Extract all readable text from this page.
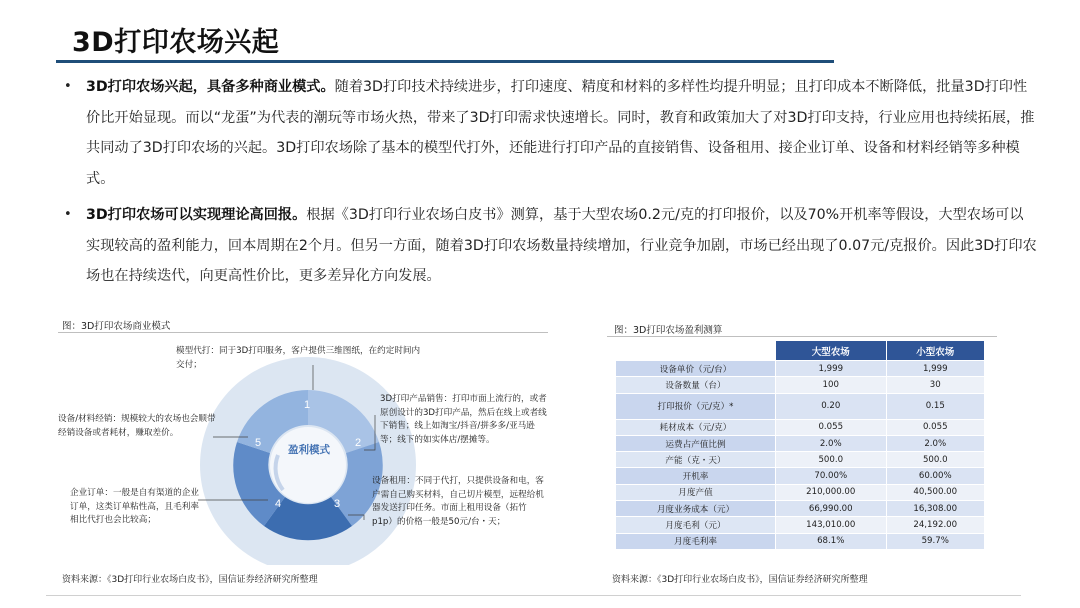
3D打印农场兴起
• 3D打印农场兴起，具备多种商业模式。随着3D打印技术持续进步，打印速度、精度和材料的多样性均提升明显；且打印成本不断降低，批量3D打印性价比开始显现。而以“龙蛋”为代表的潮玩等市场火热，带来了3D打印需求快速增长。同时，教育和政策加大了对3D打印支持，行业应用也持续拓展，推共同动了3D打印农场的兴起。3D打印农场除了基本的模型代打外，还能进行打印产品的直接销售、设备租用、接企业订单、设备和材料经销等多种模式。
• 3D打印农场可以实现理论高回报。根据《3D打印行业农场白皮书》测算，基于大型农场0.2元/克的打印报价，以及70%开机率等假设，大型农场可以实现较高的盈利能力，回本周期在2个月。但另一方面，随着3D打印农场数量持续增加，行业竞争加剧，市场已经出现了0.07元/克报价。因此3D打印农场也在持续迭代，向更高性价比，更多差异化方向发展。
图：3D打印农场商业模式
1
2
3
4
5
盈利模式
模型代打：同于3D打印服务，客户提供三维图纸，在约定时间内交付；
3D打印产品销售：打印市面上流行的，或者原创设计的3D打印产品，然后在线上或者线下销售；线上如淘宝/抖音/拼多多/亚马逊等；线下的如实体店/摆摊等。
设备租用：不同于代打，只提供设备和电，客户需自己购买材料，自己切片模型，远程给机器发送打印任务。市面上租用设备（拓竹p1p）的价格一般是50元/台・天；
企业订单：一般是自有渠道的企业订单，这类订单粘性高，且毛利率相比代打也会比较高；
设备/材料经销：规模较大的农场也会顺带经销设备或者耗材，赚取差价。
资料来源：《3D打印行业农场白皮书》，国信证券经济研究所整理
图：3D打印农场盈利测算
	大型农场	小型农场
设备单价（元/台）	1,999	1,999
设备数量（台）	100	30
打印报价（元/克）*	0.20	0.15
耗材成本（元/克）	0.055	0.055
运费占产值比例	2.0%	2.0%
产能（克・天）	500.0	500.0
开机率	70.00%	60.00%
月度产值	210,000.00	40,500.00
月度业务成本（元）	66,990.00	16,308.00
月度毛利（元）	143,010.00	24,192.00
月度毛利率	68.1%	59.7%
资料来源：《3D打印行业农场白皮书》，国信证券经济研究所整理
